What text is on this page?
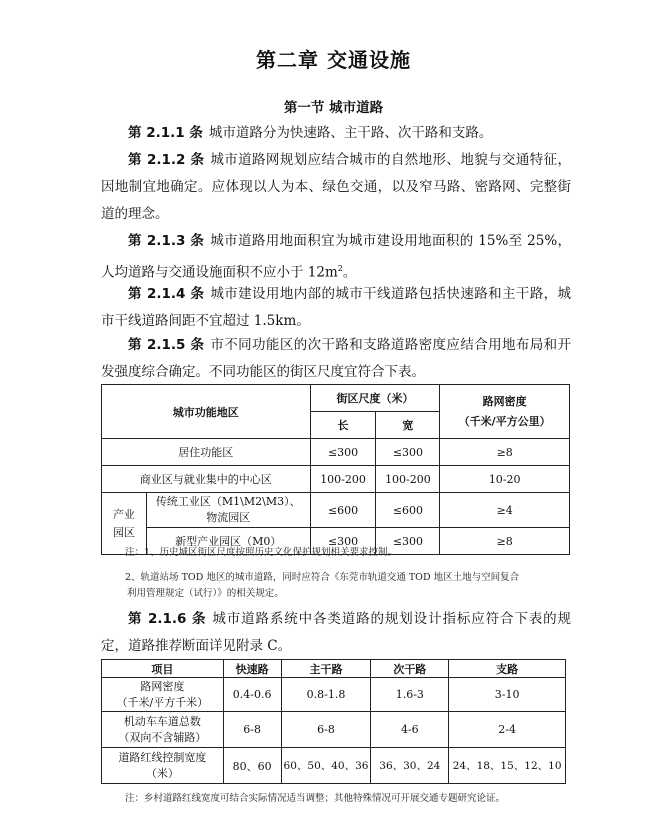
第二章 交通设施
第一节 城市道路

第 2.1.1 条 城市道路分为快速路、主干路、次干路和支路。

第 2.1.2 条 城市道路网规划应结合城市的自然地形、地貌与交通特征，因地制宜地确定。应体现以人为本、绿色交通，以及窄马路、密路网、完整街道的理念。

第 2.1.3 条 城市道路用地面积宜为城市建设用地面积的 15%至 25%，人均道路与交通设施面积不应小于 $12m^2$。

第 2.1.4 条 城市建设用地内部的城市干线道路包括快速路和主干路，城市干线道路间距不宜超过 1.5km。

第 2.1.5 条 市不同功能区的次干路和支路道路密度应结合用地布局和开发强度综合确定。不同功能区的街区尺度宜符合下表。

城市功能地区		街区尺度（米）		路网密度
（千米/平方公里）
		长	宽	
居住功能区		≤300	≤300	≥8
商业区与就业集中的中心区		100-200	100-200	10-20
产业
园区	传统工业区（M1\M2\M3）、
物流园区	≤600	≤600	≥4
	新型产业园区（M0）	≤300	≤300	≥8
注：1、历史城区街区尺度按照历史文化保护规划相关要求控制。
2、轨道站场 TOD 地区的城市道路，同时应符合《东莞市轨道交通 TOD 地区土地与空间复合
利用管理规定（试行）》的相关规定。

第 2.1.6 条 城市道路系统中各类道路的规划设计指标应符合下表的规定，道路推荐断面详见附录 C。

项目	快速路	主干路	次干路	支路
路网密度
（千米/平方千米）	0.4-0.6	0.8-1.8	1.6-3	3-10
机动车车道总数
（双向不含辅路）	6-8	6-8	4-6	2-4
道路红线控制宽度
（米）	80、60	60、50、40、36	36、30、24	24、18、15、12、10
注：乡村道路红线宽度可结合实际情况适当调整；其他特殊情况可开展交通专题研究论证。
